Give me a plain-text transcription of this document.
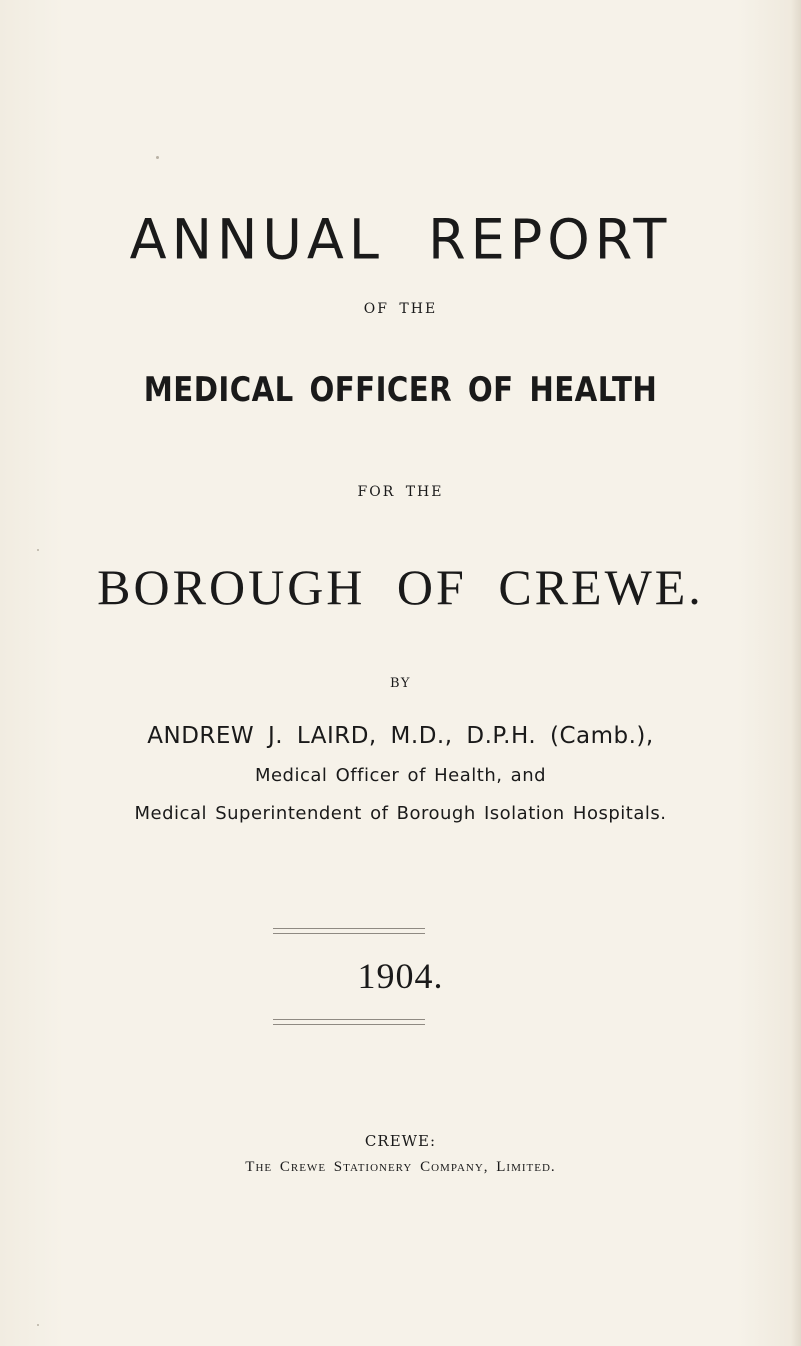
ANNUAL REPORT
OF THE
MEDICAL OFFICER OF HEALTH
FOR THE
BOROUGH OF CREWE.
BY
ANDREW J. LAIRD, M.D., D.P.H. (Camb.),
Medical Officer of Health, and
Medical Superintendent of Borough Isolation Hospitals.
1904.
CREWE:
The Crewe Stationery Company, Limited.
